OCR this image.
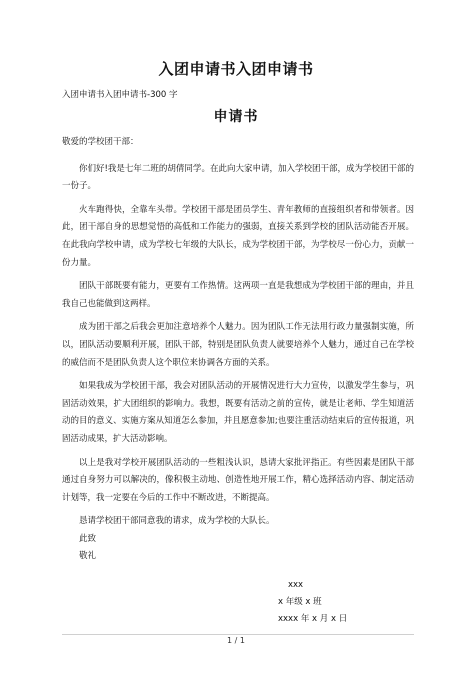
入团申请书入团申请书
入团申请书入团申请书-300 字
申请书

敬爱的学校团干部：

你们好!我是七年二班的胡倩同学。在此向大家申请，加入学校团干部，成为学校团干部的一份子。

火车跑得快，全靠车头带。学校团干部是团员学生、青年教师的直接组织者和带领者。因此，团干部自身的思想觉悟的高低和工作能力的强弱，直接关系到学校的团队活动能否开展。在此我向学校申请，成为学校七年级的大队长，成为学校团干部，为学校尽一份心力，贡献一份力量。

团队干部既要有能力，更要有工作热情。这两项一直是我想成为学校团干部的理由，并且我自己也能做到这两样。

成为团干部之后我会更加注意培养个人魅力。因为团队工作无法用行政力量强制实施，所以，团队活动要顺利开展，团队干部，特别是团队负责人就要培养个人魅力，通过自己在学校的威信而不是团队负责人这个职位来协调各方面的关系。

如果我成为学校团干部，我会对团队活动的开展情况进行大力宣传，以激发学生参与，巩固活动效果，扩大团组织的影响力。我想，既要有活动之前的宣传，就是让老师、学生知道活动的目的意义、实施方案从知道怎么参加，并且愿意参加;也要注重活动结束后的宣传报道，巩固活动成果，扩大活动影响。

以上是我对学校开展团队活动的一些粗浅认识，恳请大家批评指正。有些因素是团队干部通过自身努力可以解决的，像积极主动地、创造性地开展工作，精心选择活动内容、制定活动计划等，我一定要在今后的工作中不断改进，不断提高。

恳请学校团干部同意我的请求，成为学校的大队长。

此致

敬礼

xxx
x 年级 x 班
xxxx 年 x 月 x 日
1 / 1
